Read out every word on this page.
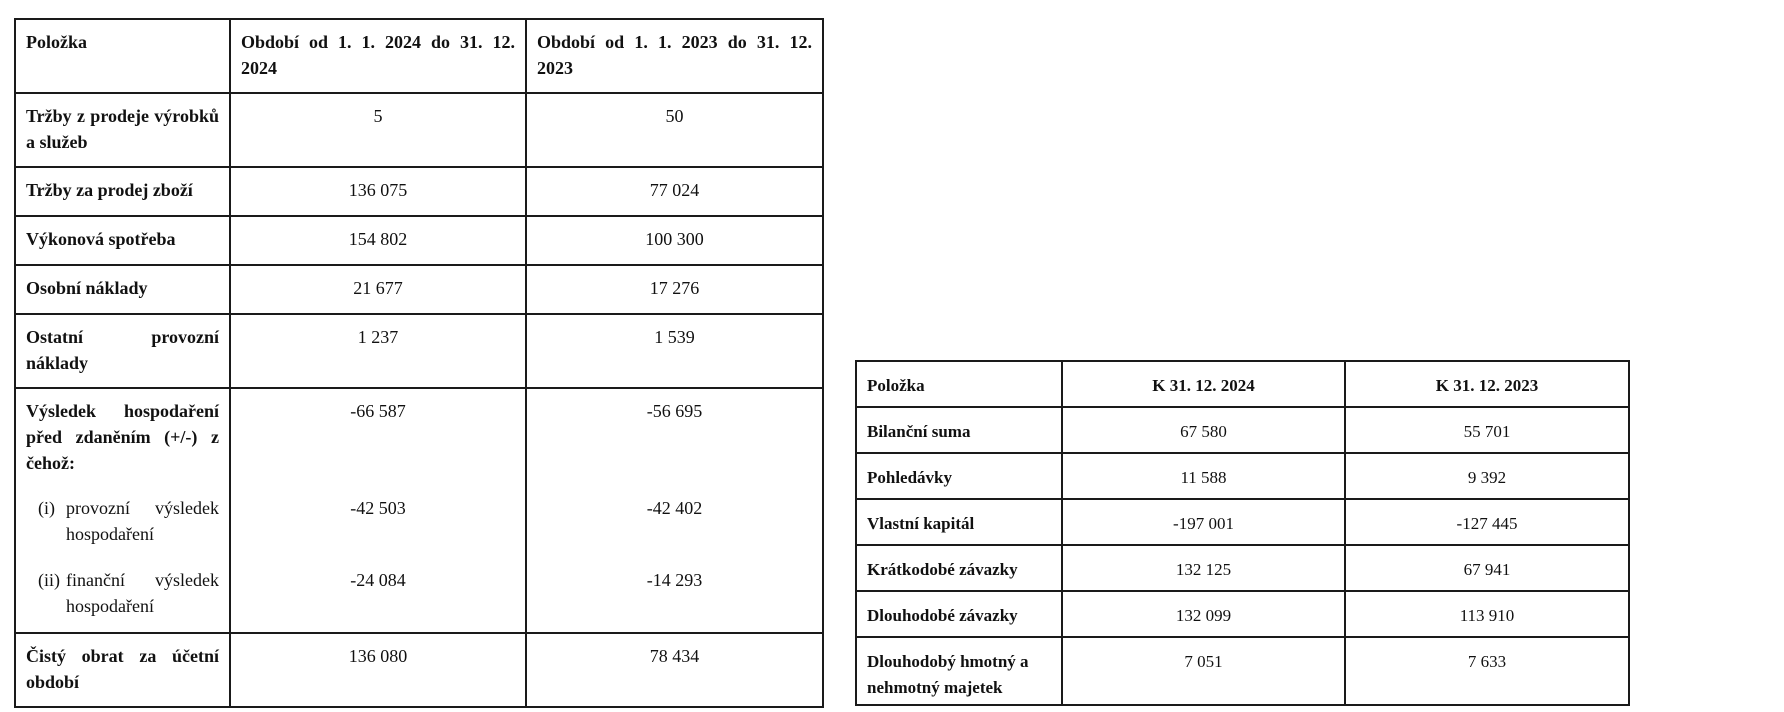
Položka	Období od 1. 1. 2024 do 31. 12. 2024	Období od 1. 1. 2023 do 31. 12. 2023
Tržby z prodeje výrobků a služeb	5	50
Tržby za prodej zboží	136 075	77 024
Výkonová spotřeba	154 802	100 300
Osobní náklady	21 677	17 276
Ostatní provozní náklady	1 237	1 539
Výsledek hospodaření před zdaněním (+/-) z čehož:	-66 587	-56 695

(i) provozní výsledek hospodaření	-42 503	-42 402

(ii) finanční výsledek hospodaření	-24 084	-14 293
Čistý obrat za účetní období	136 080	78 434
Položka	K 31. 12. 2024	K 31. 12. 2023
Bilanční suma	67 580	55 701
Pohledávky	11 588	9 392
Vlastní kapitál	-197 001	-127 445
Krátkodobé závazky	132 125	67 941
Dlouhodobé závazky	132 099	113 910
Dlouhodobý hmotný a nehmotný majetek	7 051	7 633
